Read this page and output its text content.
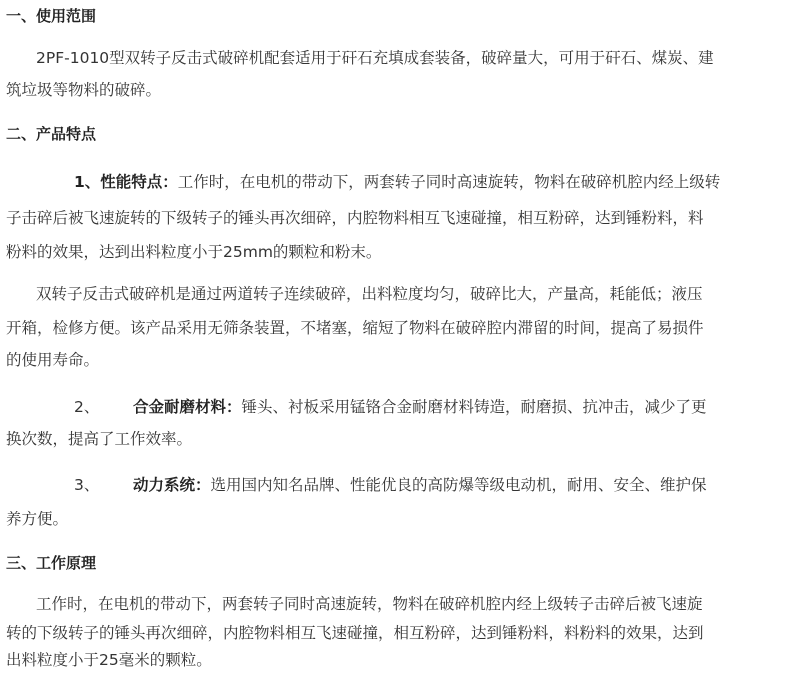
一、使用范围
2PF-1010型双转子反击式破碎机配套适用于矸石充填成套装备，破碎量大，可用于矸石、煤炭、建
筑垃圾等物料的破碎。
二、产品特点
1、性能特点：工作时，在电机的带动下，两套转子同时高速旋转，物料在破碎机腔内经上级转
子击碎后被飞速旋转的下级转子的锤头再次细碎，内腔物料相互飞速碰撞，相互粉碎，达到锤粉料，料
粉料的效果，达到出料粒度小于25mm的颗粒和粉末。
双转子反击式破碎机是通过两道转子连续破碎，出料粒度均匀，破碎比大，产量高，耗能低；液压
开箱，检修方便。该产品采用无筛条装置，不堵塞，缩短了物料在破碎腔内滞留的时间，提高了易损件
的使用寿命。
2、 合金耐磨材料：锤头、衬板采用锰铬合金耐磨材料铸造，耐磨损、抗冲击，减少了更
换次数，提高了工作效率。
3、 动力系统：选用国内知名品牌、性能优良的高防爆等级电动机，耐用、安全、维护保
养方便。
三、工作原理
工作时，在电机的带动下，两套转子同时高速旋转，物料在破碎机腔内经上级转子击碎后被飞速旋
转的下级转子的锤头再次细碎，内腔物料相互飞速碰撞，相互粉碎，达到锤粉料，料粉料的效果，达到
出料粒度小于25毫米的颗粒。
